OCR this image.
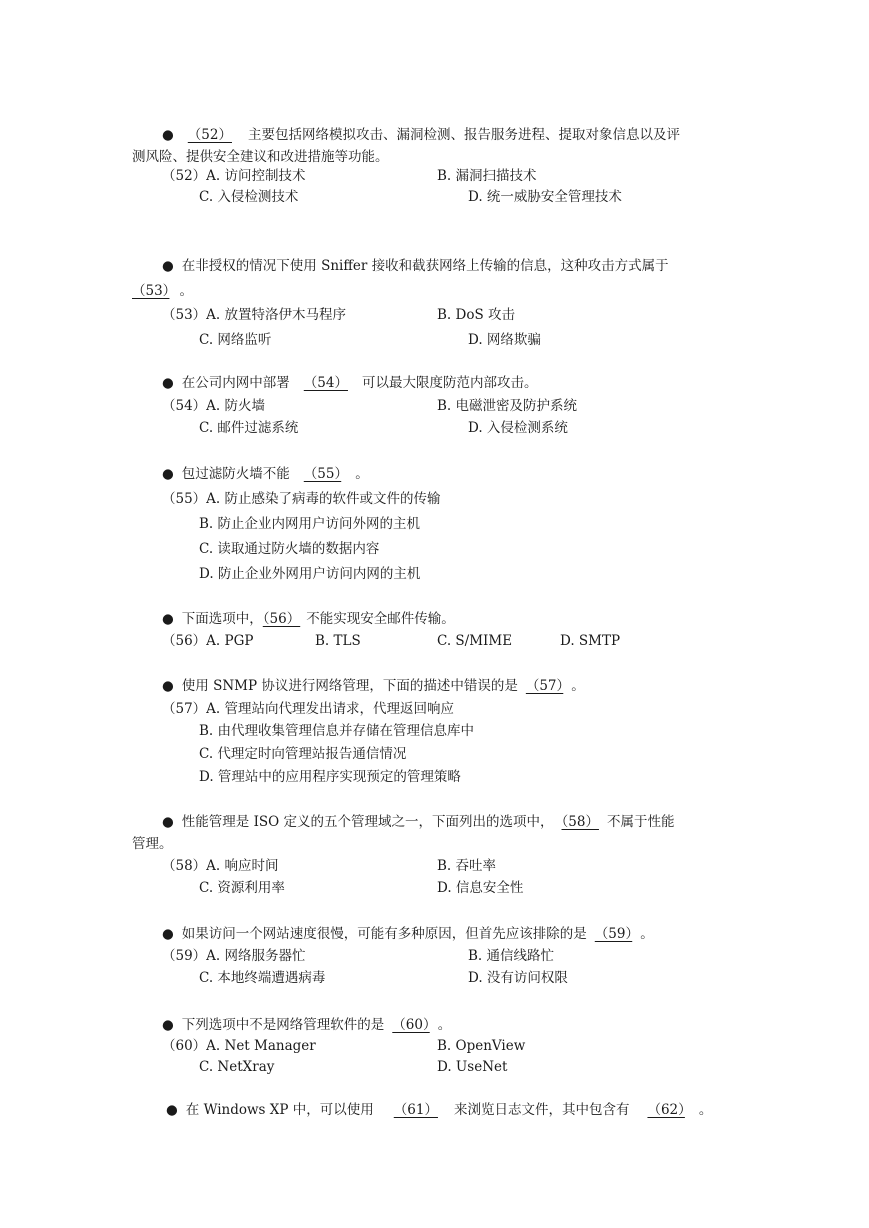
● （52） 主要包括网络模拟攻击、漏洞检测、报告服务进程、提取对象信息以及评
测风险、提供安全建议和改进措施等功能。
（52）A. 访问控制技术	B. 漏洞扫描技术
C. 入侵检测技术	D. 统一威胁安全管理技术
● 在非授权的情况下使用 Sniffer 接收和截获网络上传输的信息，这种攻击方式属于
（53） 。
（53）A. 放置特洛伊木马程序	B. DoS 攻击
C. 网络监听	D. 网络欺骗
● 在公司内网中部署 （54） 可以最大限度防范内部攻击。
（54）A. 防火墙	B. 电磁泄密及防护系统
C. 邮件过滤系统	D. 入侵检测系统
● 包过滤防火墙不能 （55） 。
（55）A. 防止感染了病毒的软件或文件的传输
B. 防止企业内网用户访问外网的主机
C. 读取通过防火墙的数据内容
D. 防止企业外网用户访问内网的主机
● 下面选项中，（56） 不能实现安全邮件传输。
（56）A. PGP	B. TLS	C. S/MIME	D. SMTP
● 使用 SNMP 协议进行网络管理，下面的描述中错误的是 （57） 。
（57）A. 管理站向代理发出请求，代理返回响应
B. 由代理收集管理信息并存储在管理信息库中
C. 代理定时向管理站报告通信情况
D. 管理站中的应用程序实现预定的管理策略
● 性能管理是 ISO 定义的五个管理域之一，下面列出的选项中， （58） 不属于性能
管理。
（58）A. 响应时间	B. 吞吐率
C. 资源利用率	D. 信息安全性
● 如果访问一个网站速度很慢，可能有多种原因，但首先应该排除的是 （59） 。
（59）A. 网络服务器忙	B. 通信线路忙
C. 本地终端遭遇病毒	D. 没有访问权限
● 下列选项中不是网络管理软件的是 （60） 。
（60）A. Net Manager	B. OpenView
C. NetXray	D. UseNet
● 在 Windows XP 中，可以使用 （61） 来浏览日志文件，其中包含有 （62） 。
